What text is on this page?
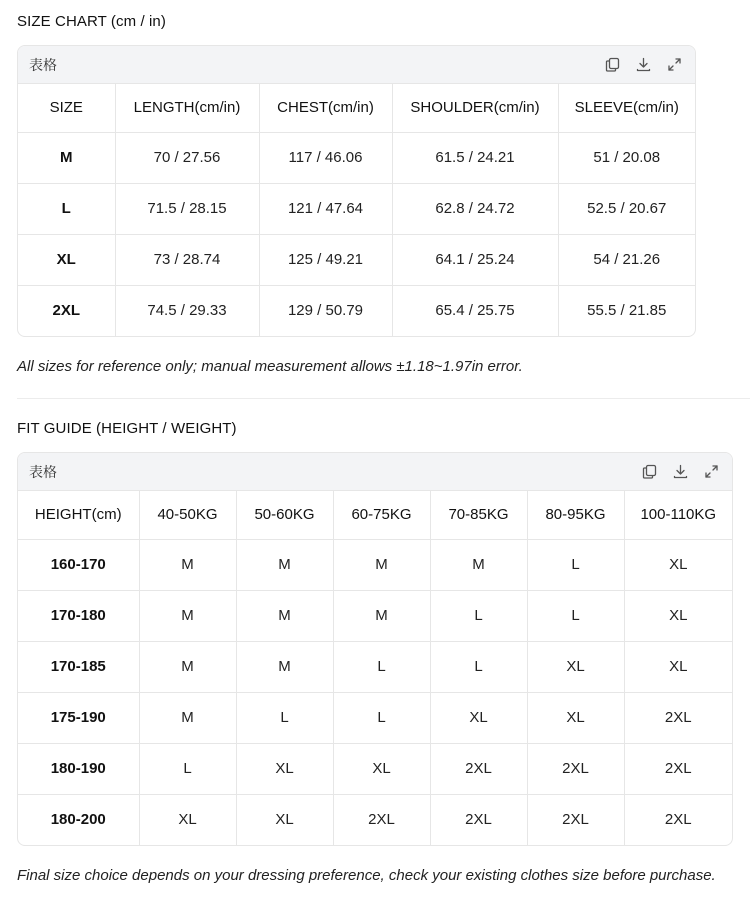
SIZE CHART (cm / in)
表格
SIZE	LENGTH(cm/in)	CHEST(cm/in)	SHOULDER(cm/in)	SLEEVE(cm/in)
M	70 / 27.56	117 / 46.06	61.5 / 24.21	51 / 20.08
L	71.5 / 28.15	121 / 47.64	62.8 / 24.72	52.5 / 20.67
XL	73 / 28.74	125 / 49.21	64.1 / 25.24	54 / 21.26
2XL	74.5 / 29.33	129 / 50.79	65.4 / 25.75	55.5 / 21.85
All sizes for reference only; manual measurement allows ±1.18~1.97in error.
FIT GUIDE (HEIGHT / WEIGHT)
表格
HEIGHT(cm)	40-50KG	50-60KG	60-75KG	70-85KG	80-95KG	100-110KG
160-170	M	M	M	M	L	XL
170-180	M	M	M	L	L	XL
170-185	M	M	L	L	XL	XL
175-190	M	L	L	XL	XL	2XL
180-190	L	XL	XL	2XL	2XL	2XL
180-200	XL	XL	2XL	2XL	2XL	2XL
Final size choice depends on your dressing preference, check your existing clothes size before purchase.
